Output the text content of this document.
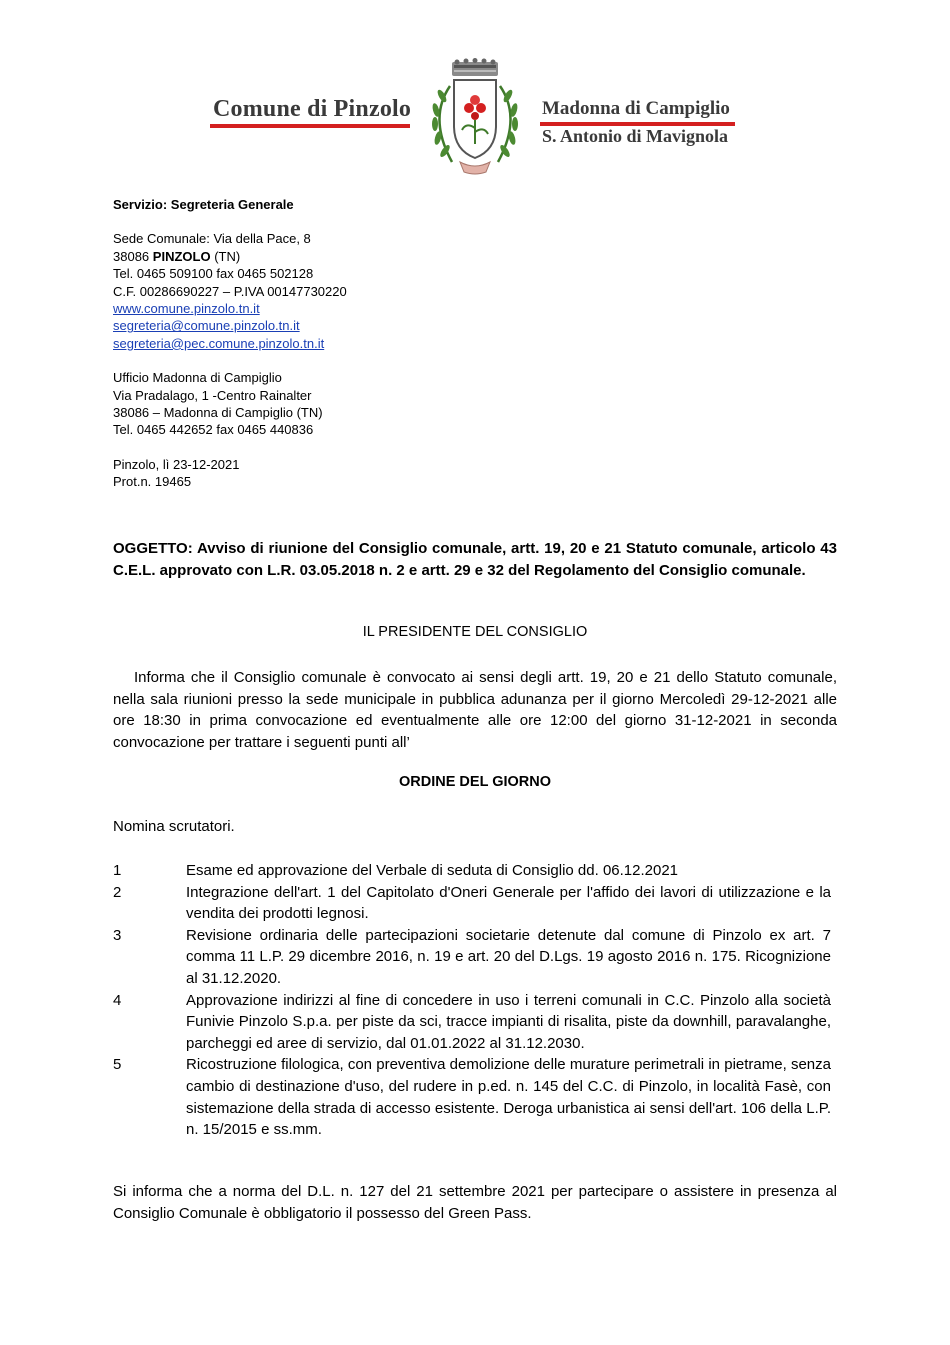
Comune di Pinzolo	Madonna di Campiglio
S. Antonio di Mavignola

Servizio: Segreteria Generale

Sede Comunale: Via della Pace, 8

38086 PINZOLO (TN)

Tel. 0465 509100 fax 0465 502128

C.F. 00286690227 – P.IVA 00147730220

www.comune.pinzolo.tn.it

segreteria@comune.pinzolo.tn.it

segreteria@pec.comune.pinzolo.tn.it

Ufficio Madonna di Campiglio

Via Pradalago, 1 -Centro Rainalter

38086 – Madonna di Campiglio (TN)

Tel. 0465 442652 fax 0465 440836

Pinzolo, lì 23-12-2021

Prot.n. 19465

OGGETTO: Avviso di riunione del Consiglio comunale, artt. 19, 20 e 21 Statuto comunale, articolo 43 C.E.L. approvato con L.R. 03.05.2018 n. 2 e artt. 29 e 32 del Regolamento del Consiglio comunale.
IL PRESIDENTE DEL CONSIGLIO
Informa che il Consiglio comunale è convocato ai sensi degli artt. 19, 20 e 21 dello Statuto comunale, nella sala riunioni presso la sede municipale in pubblica adunanza per il giorno Mercoledì 29-12-2021 alle ore 18:30 in prima convocazione ed eventualmente alle ore 12:00 del giorno 31-12-2021 in seconda convocazione per trattare i seguenti punti all’
ORDINE DEL GIORNO
Nomina scrutatori.
1	Esame ed approvazione del Verbale di seduta di Consiglio dd. 06.12.2021
2	Integrazione dell'art. 1 del Capitolato d'Oneri Generale per l'affido dei lavori di utilizzazione e la vendita dei prodotti legnosi.
3	Revisione ordinaria delle partecipazioni societarie detenute dal comune di Pinzolo ex art. 7 comma 11 L.P. 29 dicembre 2016, n. 19 e art. 20 del D.Lgs. 19 agosto 2016 n. 175. Ricognizione al 31.12.2020.
4	Approvazione indirizzi al fine di concedere in uso i terreni comunali in C.C. Pinzolo alla società Funivie Pinzolo S.p.a. per piste da sci, tracce impianti di risalita, piste da downhill, paravalanghe, parcheggi ed aree di servizio, dal 01.01.2022 al 31.12.2030.
5	Ricostruzione filologica, con preventiva demolizione delle murature perimetrali in pietrame, senza cambio di destinazione d'uso, del rudere in p.ed. n. 145 del C.C. di Pinzolo, in località Fasè, con sistemazione della strada di accesso esistente. Deroga urbanistica ai sensi dell'art. 106 della L.P. n. 15/2015 e ss.mm.
Si informa che a norma del D.L. n. 127 del 21 settembre 2021 per partecipare o assistere in presenza al Consiglio Comunale è obbligatorio il possesso del Green Pass.
